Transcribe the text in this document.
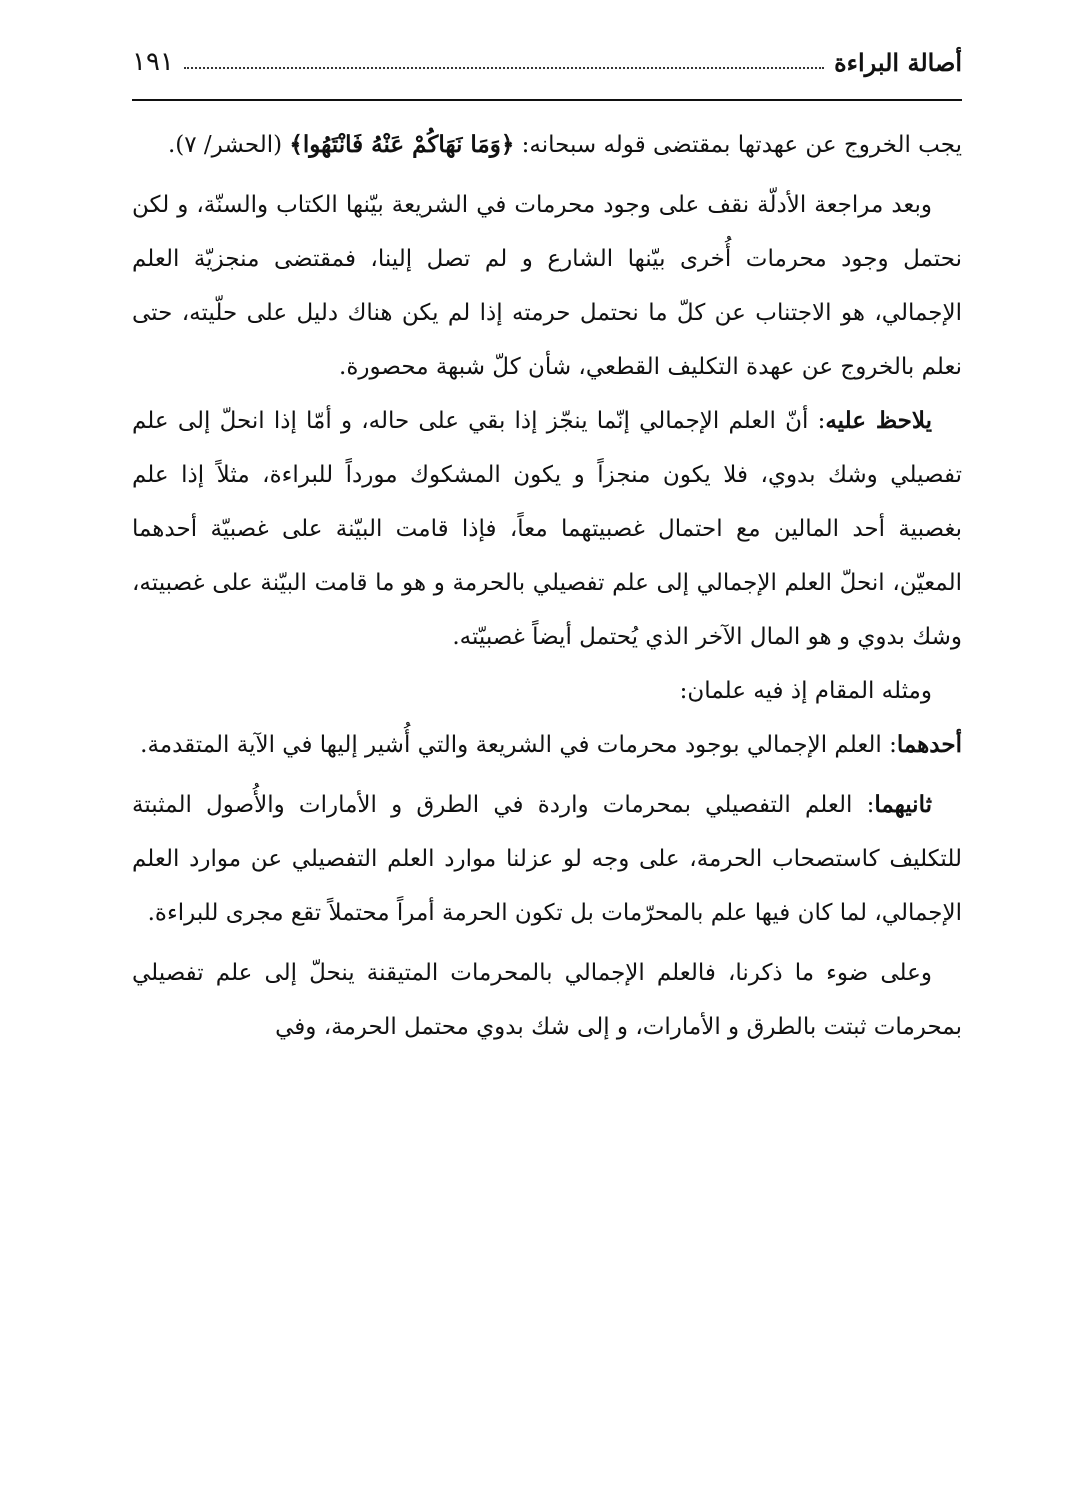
أصالة البراءة
١٩١

يجب الخروج عن عهدتها بمقتضى قوله سبحانه: ﴿وَمَا نَهَاكُمْ عَنْهُ فَانْتَهُوا﴾ (الحشر/ ٧).

وبعد مراجعة الأدلّة نقف على وجود محرمات في الشريعة بيّنها الكتاب والسنّة، و لكن نحتمل وجود محرمات أُخرى بيّنها الشارع و لم تصل إلينا، فمقتضى منجزيّة العلم الإجمالي، هو الاجتناب عن كلّ ما نحتمل حرمته إذا لم يكن هناك دليل على حلّيته، حتى نعلم بالخروج عن عهدة التكليف القطعي، شأن كلّ شبهة محصورة.

يلاحظ عليه: أنّ العلم الإجمالي إنّما ينجّز إذا بقي على حاله، و أمّا إذا انحلّ إلى علم تفصيلي وشك بدوي، فلا يكون منجزاً و يكون المشكوك مورداً للبراءة، مثلاً إذا علم بغصبية أحد المالين مع احتمال غصبيتهما معاً، فإذا قامت البيّنة على غصبيّة أحدهما المعيّن، انحلّ العلم الإجمالي إلى علم تفصيلي بالحرمة و هو ما قامت البيّنة على غصبيته، وشك بدوي و هو المال الآخر الذي يُحتمل أيضاً غصبيّته.

ومثله المقام إذ فيه علمان:

أحدهما: العلم الإجمالي بوجود محرمات في الشريعة والتي أُشير إليها في الآية المتقدمة.

ثانيهما: العلم التفصيلي بمحرمات واردة في الطرق و الأمارات والأُصول المثبتة للتكليف كاستصحاب الحرمة، على وجه لو عزلنا موارد العلم التفصيلي عن موارد العلم الإجمالي، لما كان فيها علم بالمحرّمات بل تكون الحرمة أمراً محتملاً تقع مجرى للبراءة.

وعلى ضوء ما ذكرنا، فالعلم الإجمالي بالمحرمات المتيقنة ينحلّ إلى علم تفصيلي بمحرمات ثبتت بالطرق و الأمارات، و إلى شك بدوي محتمل الحرمة، وفي
